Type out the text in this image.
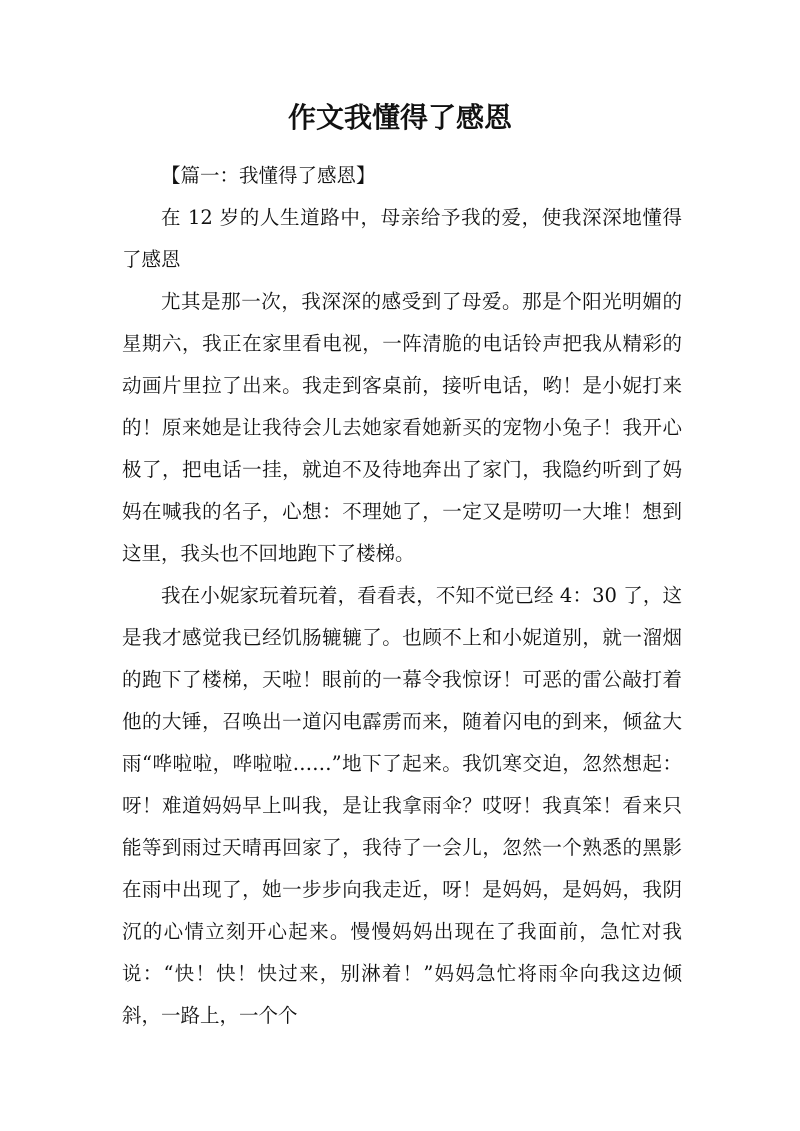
作文我懂得了感恩

【篇一：我懂得了感恩】

在 12 岁的人生道路中，母亲给予我的爱，使我深深地懂得了感恩

尤其是那一次，我深深的感受到了母爱。那是个阳光明媚的星期六，我正在家里看电视，一阵清脆的电话铃声把我从精彩的动画片里拉了出来。我走到客桌前，接听电话，哟！是小妮打来的！原来她是让我待会儿去她家看她新买的宠物小兔子！我开心极了，把电话一挂，就迫不及待地奔出了家门，我隐约听到了妈妈在喊我的名子，心想：不理她了，一定又是唠叨一大堆！想到这里，我头也不回地跑下了楼梯。

我在小妮家玩着玩着，看看表，不知不觉已经 4：30 了，这是我才感觉我已经饥肠辘辘了。也顾不上和小妮道别，就一溜烟的跑下了楼梯，天啦！眼前的一幕令我惊讶！可恶的雷公敲打着他的大锤，召唤出一道闪电霹雳而来，随着闪电的到来，倾盆大雨“哗啦啦，哗啦啦……”地下了起来。我饥寒交迫，忽然想起：呀！难道妈妈早上叫我，是让我拿雨伞？哎呀！我真笨！看来只能等到雨过天晴再回家了，我待了一会儿，忽然一个熟悉的黑影在雨中出现了，她一步步向我走近，呀！是妈妈，是妈妈，我阴沉的心情立刻开心起来。慢慢妈妈出现在了我面前，急忙对我说：“快！快！快过来，别淋着！”妈妈急忙将雨伞向我这边倾斜，一路上，一个个
